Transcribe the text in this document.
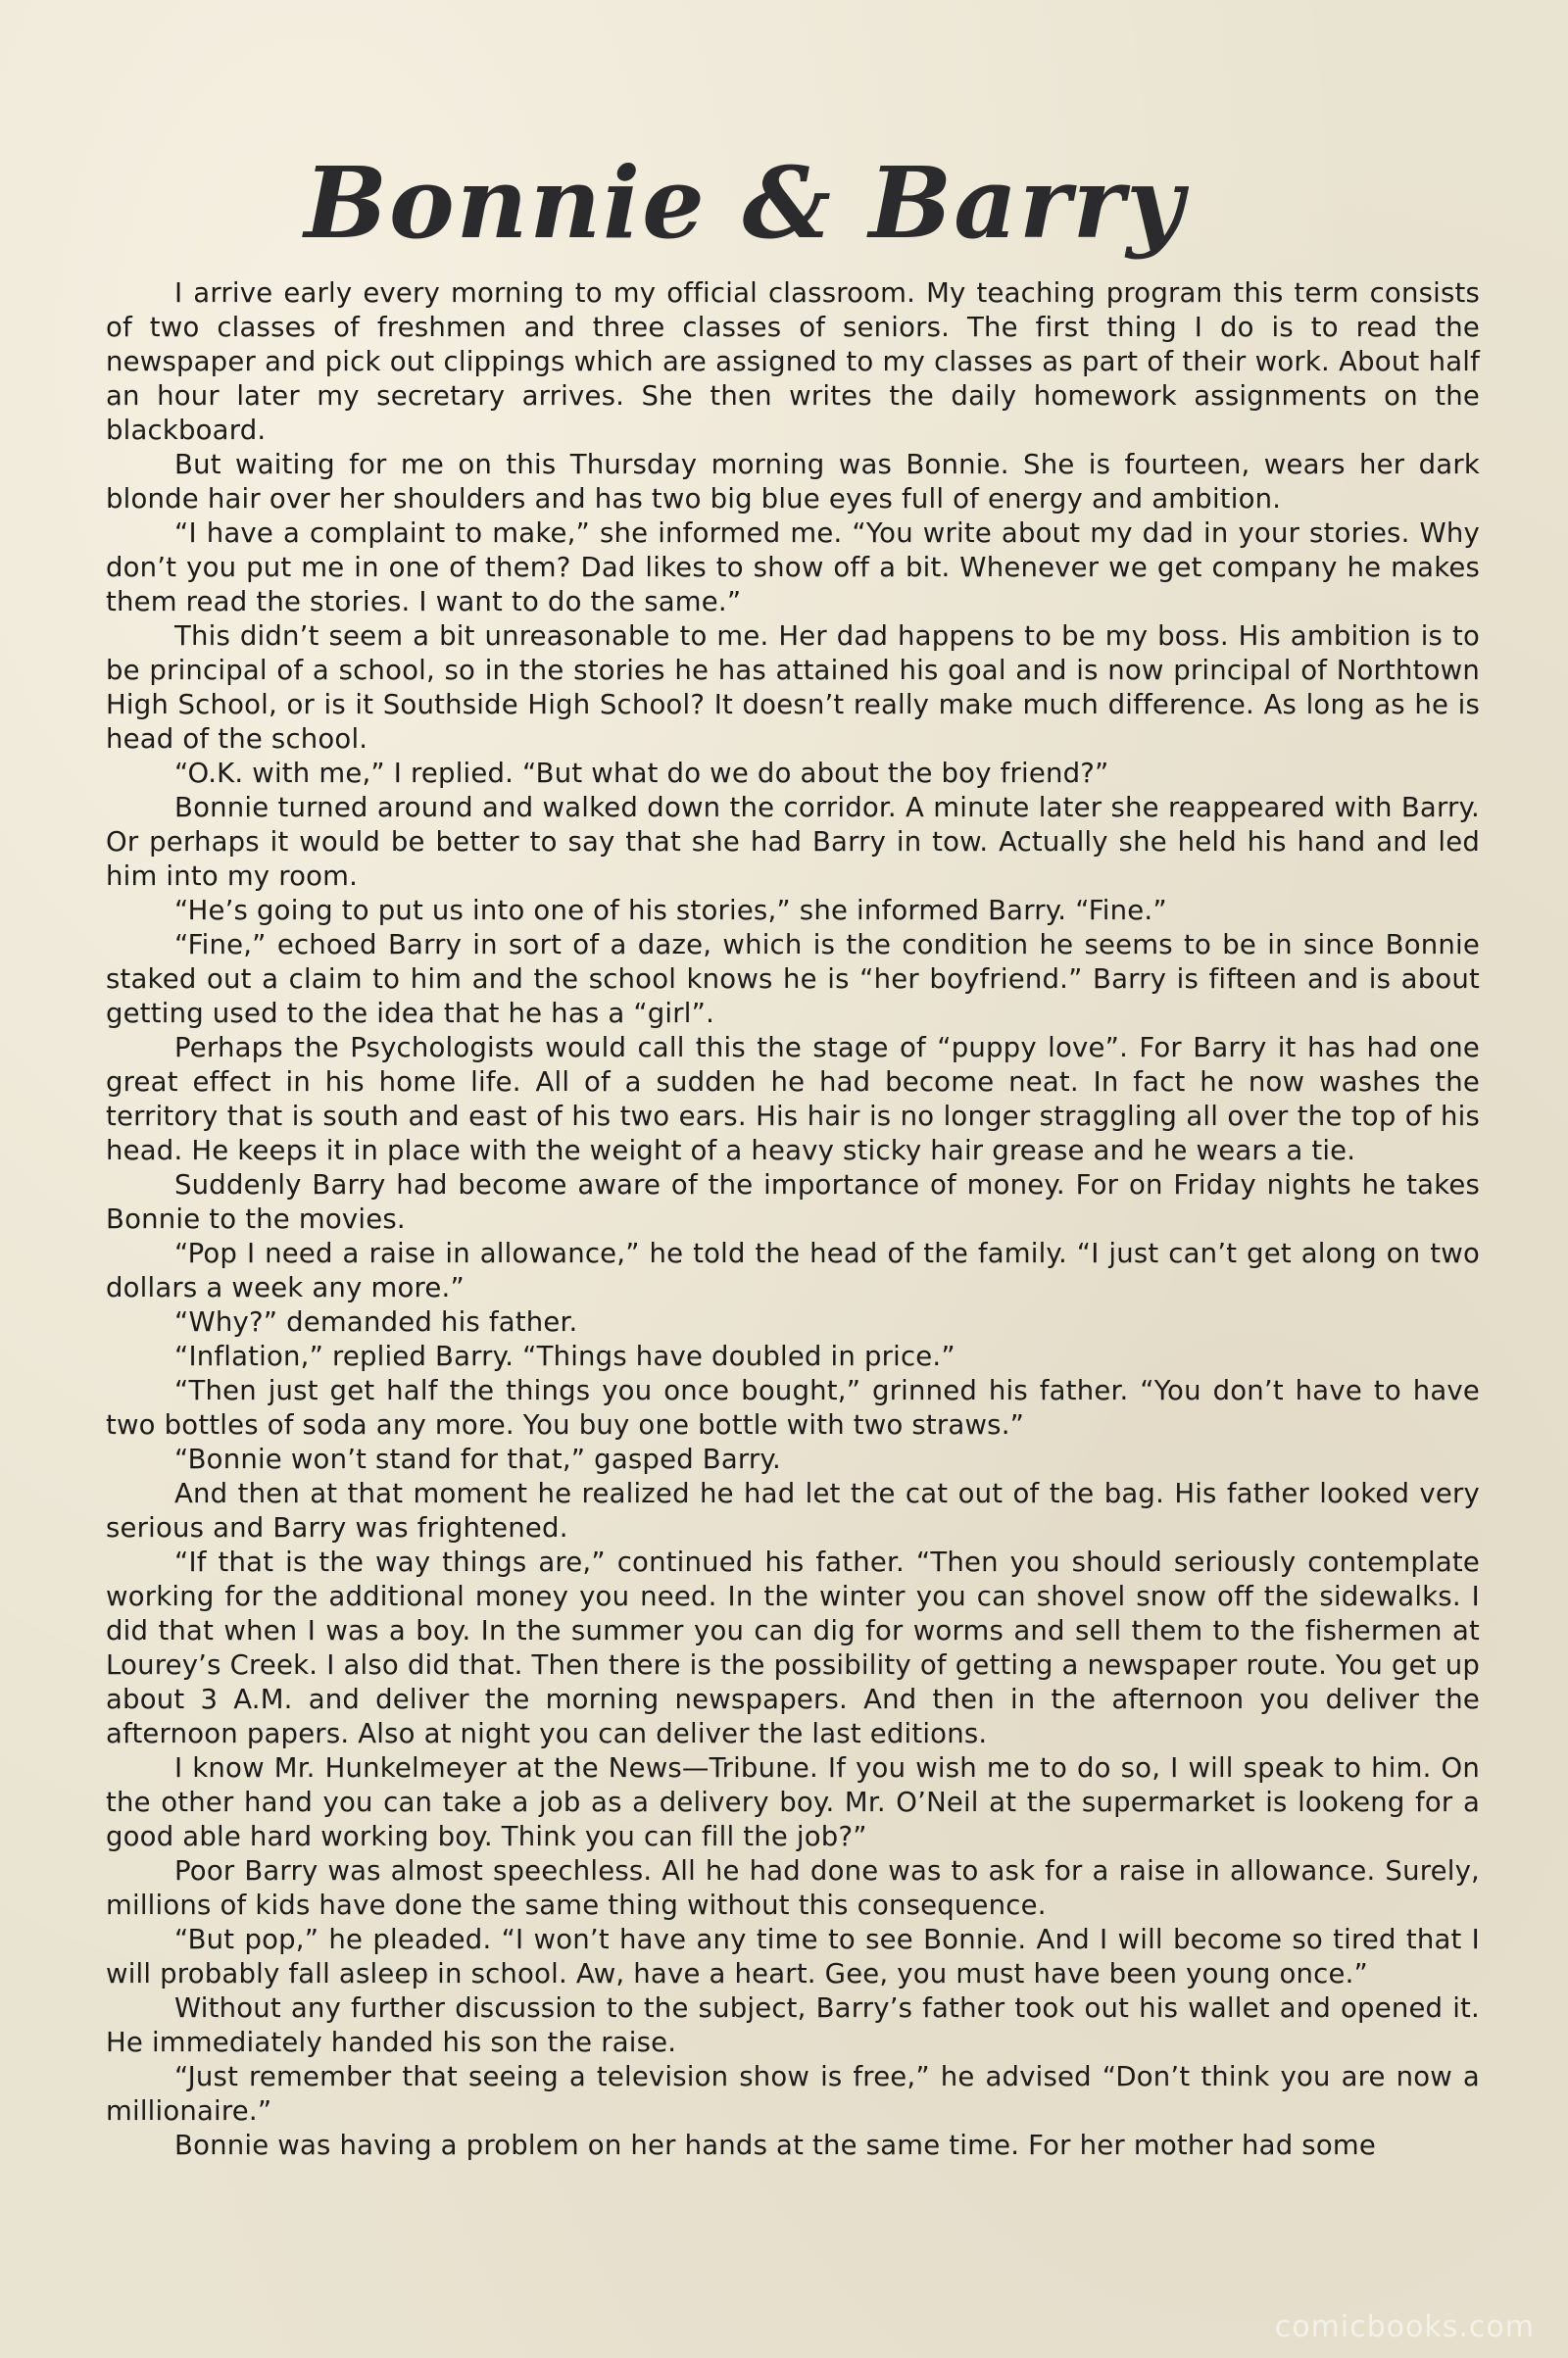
Bonnie & Barry

I arrive early every morning to my official classroom. My teaching program this term consists of two classes of freshmen and three classes of seniors. The first thing I do is to read the newspaper and pick out clippings which are assigned to my classes as part of their work. About half an hour later my secretary arrives. She then writes the daily homework assignments on the blackboard.

But waiting for me on this Thursday morning was Bonnie. She is fourteen, wears her dark blonde hair over her shoulders and has two big blue eyes full of energy and ambition.

“I have a complaint to make,” she informed me. “You write about my dad in your stories. Why don’t you put me in one of them? Dad likes to show off a bit. Whenever we get company he makes them read the stories. I want to do the same.”

This didn’t seem a bit unreasonable to me. Her dad happens to be my boss. His ambition is to be principal of a school, so in the stories he has attained his goal and is now principal of Northtown High School, or is it Southside High School? It doesn’t really make much difference. As long as he is head of the school.

“O.K. with me,” I replied. “But what do we do about the boy friend?”

Bonnie turned around and walked down the corridor. A minute later she reappeared with Barry. Or perhaps it would be better to say that she had Barry in tow. Actually she held his hand and led him into my room.

“He’s going to put us into one of his stories,” she informed Barry. “Fine.”

“Fine,” echoed Barry in sort of a daze, which is the condition he seems to be in since Bonnie staked out a claim to him and the school knows he is “her boyfriend.” Barry is fifteen and is about getting used to the idea that he has a “girl”.

Perhaps the Psychologists would call this the stage of “puppy love”. For Barry it has had one great effect in his home life. All of a sudden he had become neat. In fact he now washes the territory that is south and east of his two ears. His hair is no longer straggling all over the top of his head. He keeps it in place with the weight of a heavy sticky hair grease and he wears a tie.

Suddenly Barry had become aware of the importance of money. For on Friday nights he takes Bonnie to the movies.

“Pop I need a raise in allowance,” he told the head of the family. “I just can’t get along on two dollars a week any more.”

“Why?” demanded his father.

“Inflation,” replied Barry. “Things have doubled in price.”

“Then just get half the things you once bought,” grinned his father. “You don’t have to have two bottles of soda any more. You buy one bottle with two straws.”

“Bonnie won’t stand for that,” gasped Barry.

And then at that moment he realized he had let the cat out of the bag. His father looked very serious and Barry was frightened.

“If that is the way things are,” continued his father. “Then you should seriously contemplate working for the additional money you need. In the winter you can shovel snow off the sidewalks. I did that when I was a boy. In the summer you can dig for worms and sell them to the fishermen at Lourey’s Creek. I also did that. Then there is the possibility of getting a newspaper route. You get up about 3 A.M. and deliver the morning newspapers. And then in the afternoon you deliver the afternoon papers. Also at night you can deliver the last editions.

I know Mr. Hunkelmeyer at the News—Tribune. If you wish me to do so, I will speak to him. On the other hand you can take a job as a delivery boy. Mr. O’Neil at the supermarket is lookeng for a good able hard working boy. Think you can fill the job?”

Poor Barry was almost speechless. All he had done was to ask for a raise in allowance. Surely, millions of kids have done the same thing without this consequence.

“But pop,” he pleaded. “I won’t have any time to see Bonnie. And I will become so tired that I will probably fall asleep in school. Aw, have a heart. Gee, you must have been young once.”

Without any further discussion to the subject, Barry’s father took out his wallet and opened it. He immediately handed his son the raise.

“Just remember that seeing a television show is free,” he advised “Don’t think you are now a millionaire.”

Bonnie was having a problem on her hands at the same time. For her mother had some

comicbooks.com
